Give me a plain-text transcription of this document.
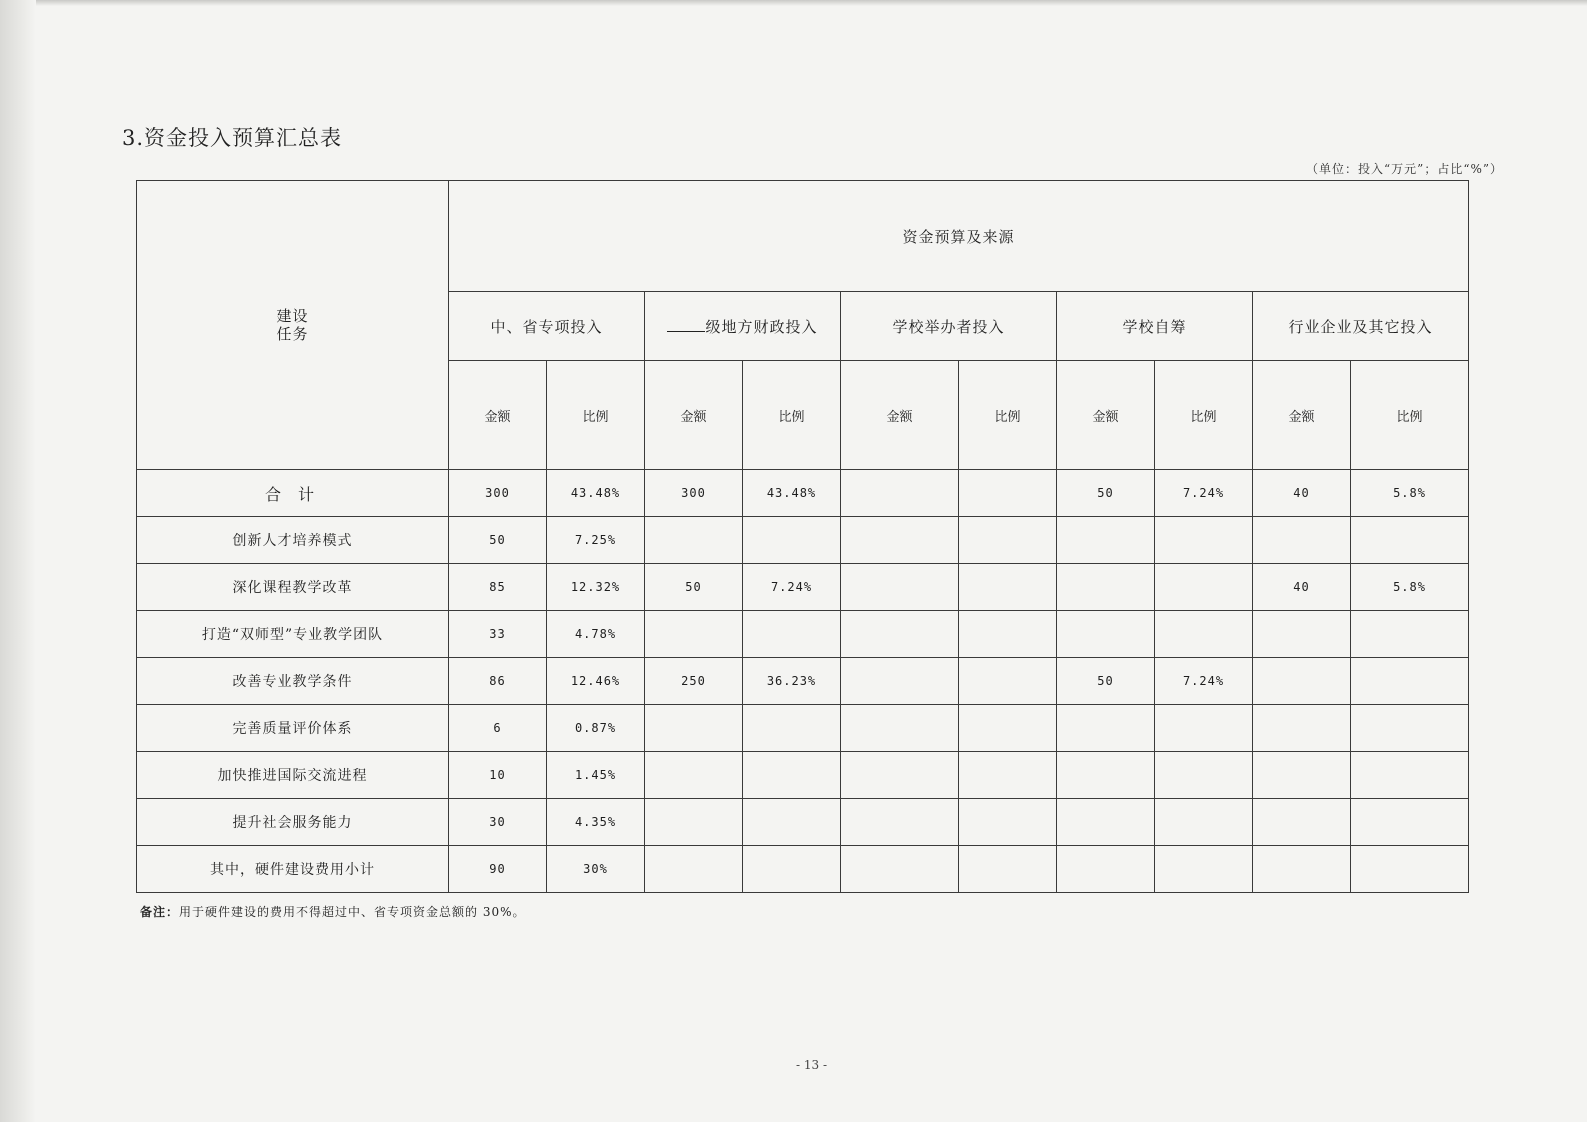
3.资金投入预算汇总表
（单位：投入“万元”；占比“%”）
建设
任务	资金预算及来源									
	中、省专项投入		级地方财政投入		学校举办者投入		学校自筹		行业企业及其它投入	
	金额	比例	金额	比例	金额	比例	金额	比例	金额	比例
合 计	300	43.48%	300	43.48%			50	7.24%	40	5.8%
创新人才培养模式	50	7.25%								
深化课程教学改革	85	12.32%	50	7.24%					40	5.8%
打造“双师型”专业教学团队	33	4.78%								
改善专业教学条件	86	12.46%	250	36.23%			50	7.24%		
完善质量评价体系	6	0.87%								
加快推进国际交流进程	10	1.45%								
提升社会服务能力	30	4.35%								
其中，硬件建设费用小计	90	30%								
备注：用于硬件建设的费用不得超过中、省专项资金总额的 30%。
- 13 -
